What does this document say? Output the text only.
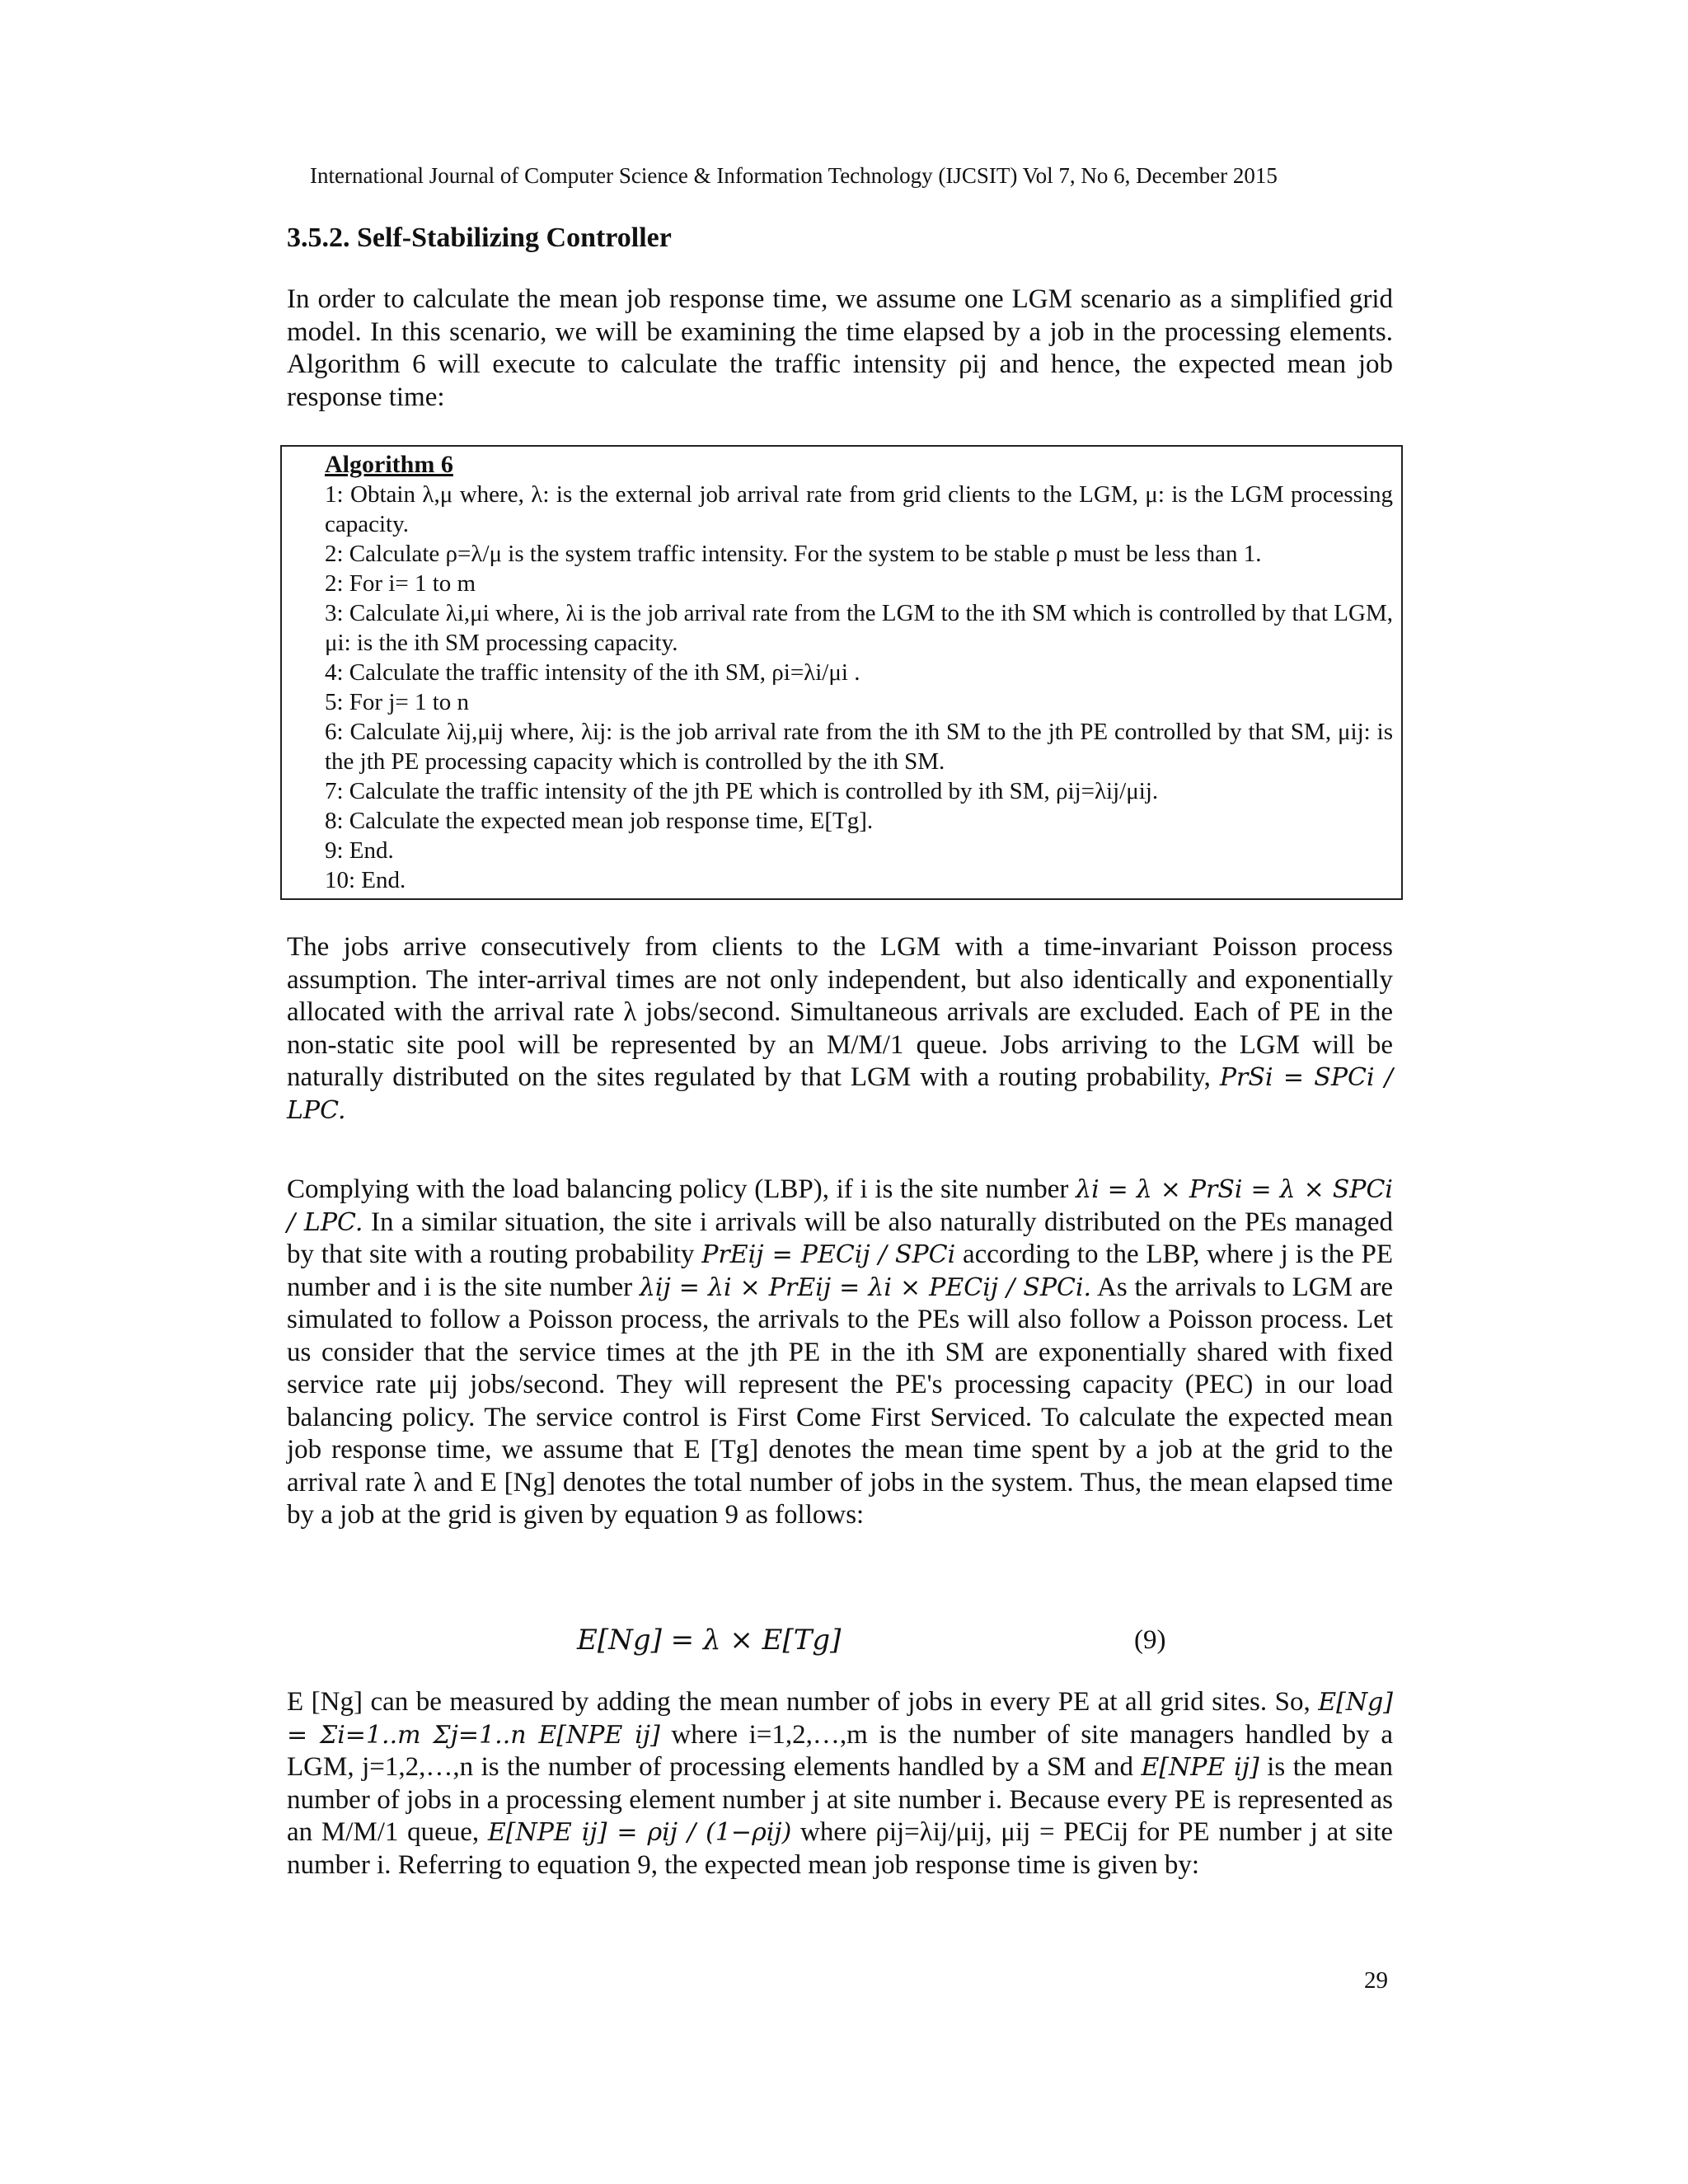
International Journal of Computer Science & Information Technology (IJCSIT) Vol 7, No 6, December 2015
3.5.2. Self-Stabilizing Controller

In order to calculate the mean job response time, we assume one LGM scenario as a simplified grid model. In this scenario, we will be examining the time elapsed by a job in the processing elements. Algorithm 6 will execute to calculate the traffic intensity ρij and hence, the expected mean job response time:

Algorithm 6

1: Obtain λ,μ where, λ: is the external job arrival rate from grid clients to the LGM, μ: is the LGM processing capacity.

2: Calculate ρ=λ/μ is the system traffic intensity. For the system to be stable ρ must be less than 1.

2: For i= 1 to m

3: Calculate λi,μi where, λi is the job arrival rate from the LGM to the ith SM which is controlled by that LGM, μi: is the ith SM processing capacity.

4: Calculate the traffic intensity of the ith SM, ρi=λi/μi .

5: For j= 1 to n

6: Calculate λij,μij where, λij: is the job arrival rate from the ith SM to the jth PE controlled by that SM, μij: is the jth PE processing capacity which is controlled by the ith SM.

7: Calculate the traffic intensity of the jth PE which is controlled by ith SM, ρij=λij/μij.

8: Calculate the expected mean job response time, E[Tg].

9: End.

10: End.

The jobs arrive consecutively from clients to the LGM with a time-invariant Poisson process assumption. The inter-arrival times are not only independent, but also identically and exponentially allocated with the arrival rate λ jobs/second. Simultaneous arrivals are excluded. Each of PE in the non-static site pool will be represented by an M/M/1 queue. Jobs arriving to the LGM will be naturally distributed on the sites regulated by that LGM with a routing probability, PrSi = SPCi / LPC.

Complying with the load balancing policy (LBP), if i is the site number λi = λ × PrSi = λ × SPCi / LPC. In a similar situation, the site i arrivals will be also naturally distributed on the PEs managed by that site with a routing probability PrEij = PECij / SPCi according to the LBP, where j is the PE number and i is the site number λij = λi × PrEij = λi × PECij / SPCi. As the arrivals to LGM are simulated to follow a Poisson process, the arrivals to the PEs will also follow a Poisson process. Let us consider that the service times at the jth PE in the ith SM are exponentially shared with fixed service rate μij jobs/second. They will represent the PE's processing capacity (PEC) in our load balancing policy. The service control is First Come First Serviced. To calculate the expected mean job response time, we assume that E [Tg] denotes the mean time spent by a job at the grid to the arrival rate λ and E [Ng] denotes the total number of jobs in the system. Thus, the mean elapsed time by a job at the grid is given by equation 9 as follows:

E[Ng] = λ × E[Tg]	(9)

E [Ng] can be measured by adding the mean number of jobs in every PE at all grid sites. So, E[Ng] = Σi=1..m Σj=1..n E[NPE ij] where i=1,2,…,m is the number of site managers handled by a LGM, j=1,2,…,n is the number of processing elements handled by a SM and E[NPE ij] is the mean number of jobs in a processing element number j at site number i. Because every PE is represented as an M/M/1 queue, E[NPE ij] = ρij / (1−ρij) where ρij=λij/μij, μij = PECij for PE number j at site number i. Referring to equation 9, the expected mean job response time is given by:

29
